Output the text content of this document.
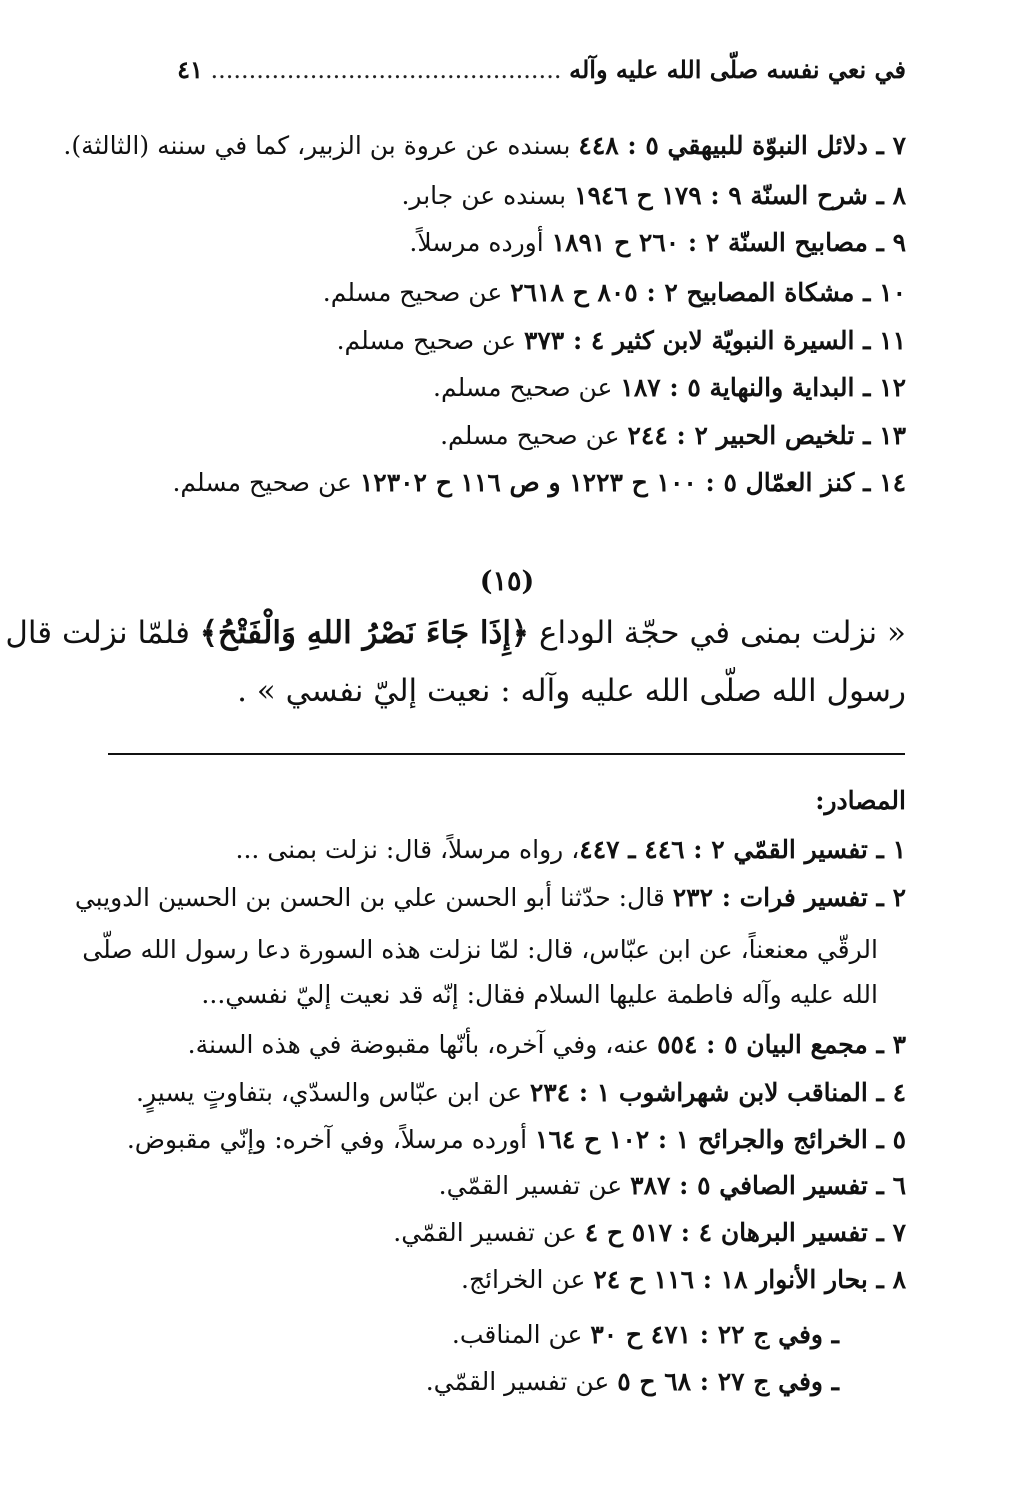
في نعي نفسه صلّى الله عليه وآله .............................................. ٤١
٧ ـ دلائل النبوّة للبيهقي ٥ : ٤٤٨ بسنده عن عروة بن الزبير، كما في سننه (الثالثة).
٨ ـ شرح السنّة ٩ : ١٧٩ ح ١٩٤٦ بسنده عن جابر.
٩ ـ مصابيح السنّة ٢ : ٢٦٠ ح ١٨٩١ أورده مرسلاً.
١٠ ـ مشكاة المصابيح ٢ : ٨٠٥ ح ٢٦١٨ عن صحيح مسلم.
١١ ـ السيرة النبويّة لابن كثير ٤ : ٣٧٣ عن صحيح مسلم.
١٢ ـ البداية والنهاية ٥ : ١٨٧ عن صحيح مسلم.
١٣ ـ تلخيص الحبير ٢ : ٢٤٤ عن صحيح مسلم.
١٤ ـ كنز العمّال ٥ : ١٠٠ ح ١٢٢٣ و ص ١١٦ ح ١٢٣٠٢ عن صحيح مسلم.
(١٥)
« نزلت بمنى في حجّة الوداع ﴿إِذَا جَاءَ نَصْرُ اللهِ وَالْفَتْحُ﴾ فلمّا نزلت قال
رسول الله صلّى الله عليه وآله : نعيت إليّ نفسي » .
المصادر:
١ ـ تفسير القمّي ٢ : ٤٤٦ ـ ٤٤٧، رواه مرسلاً، قال: نزلت بمنى ...
٢ ـ تفسير فرات : ٢٣٢ قال: حدّثنا أبو الحسن علي بن الحسن بن الحسين الدويبي
الرقّي معنعناً، عن ابن عبّاس، قال: لمّا نزلت هذه السورة دعا رسول الله صلّى
الله عليه وآله فاطمة عليها السلام فقال: إنّه قد نعيت إليّ نفسي...
٣ ـ مجمع البيان ٥ : ٥٥٤ عنه، وفي آخره، بأنّها مقبوضة في هذه السنة.
٤ ـ المناقب لابن شهراشوب ١ : ٢٣٤ عن ابن عبّاس والسدّي، بتفاوتٍ يسيرٍ.
٥ ـ الخرائج والجرائح ١ : ١٠٢ ح ١٦٤ أورده مرسلاً، وفي آخره: وإنّي مقبوض.
٦ ـ تفسير الصافي ٥ : ٣٨٧ عن تفسير القمّي.
٧ ـ تفسير البرهان ٤ : ٥١٧ ح ٤ عن تفسير القمّي.
٨ ـ بحار الأنوار ١٨ : ١١٦ ح ٢٤ عن الخرائج.
ـ وفي ج ٢٢ : ٤٧١ ح ٣٠ عن المناقب.
ـ وفي ج ٢٧ : ٦٨ ح ٥ عن تفسير القمّي.
